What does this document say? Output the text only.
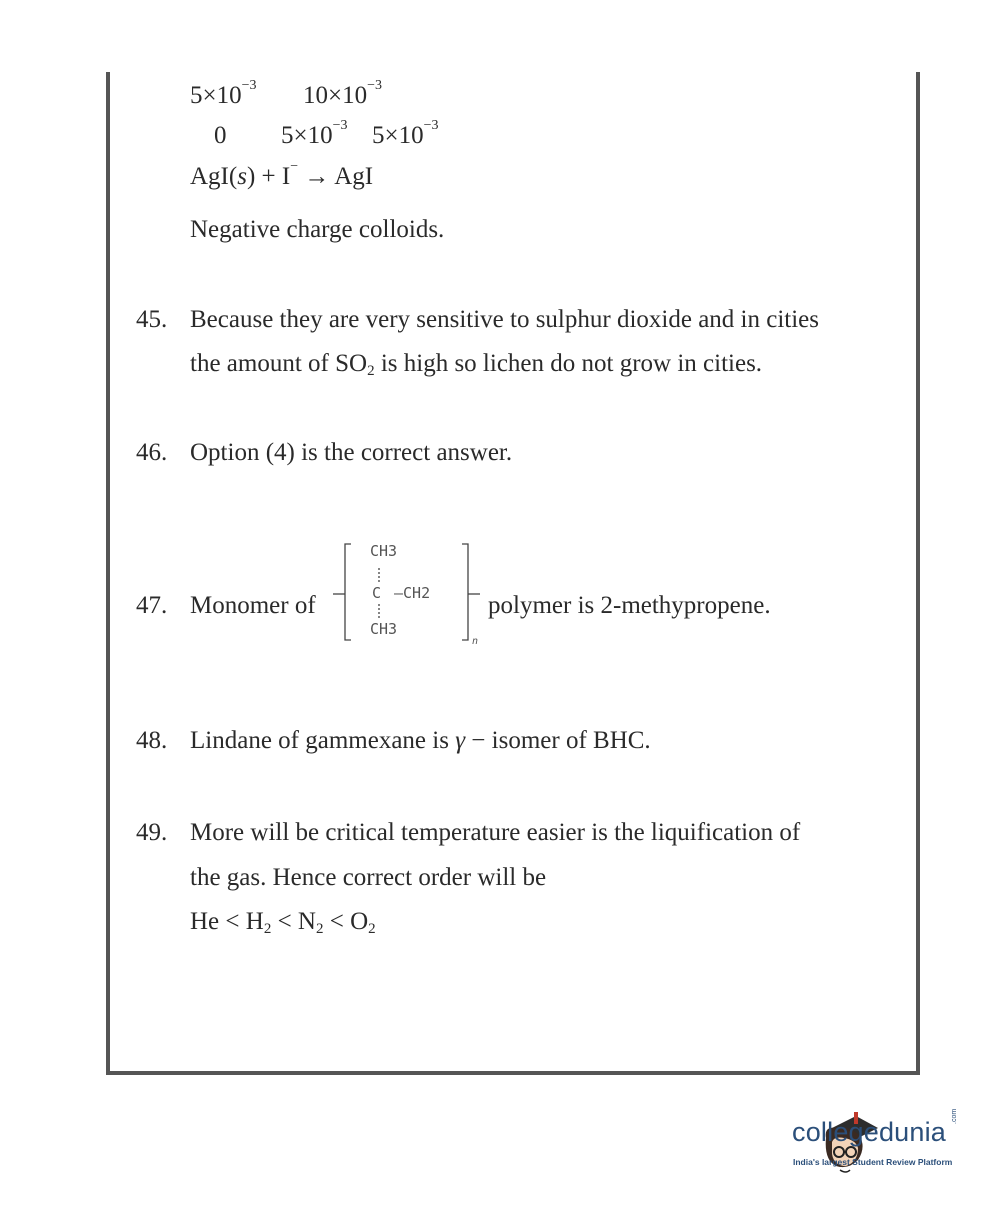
$5\times 10^{-3}$ $10\times 10^{-3}$
0 $5\times 10^{-3}$ $5\times 10^{-3}$
AgI(s) + I− → AgI
Negative charge colloids.
45. Because they are very sensitive to sulphur dioxide and in cities
the amount of $SO_2$ is high so lichen do not grow in cities.
46. Option (4) is the correct answer.
47. Monomer of
CH3
C —CH2
CH3
n
polymer is 2-methypropene.
48. Lindane of gammexane is γ − isomer of BHC.
49. More will be critical temperature easier is the liquification of
the gas. Hence correct order will be
$He < H_2 < N_2 < O_2$
collegedunia
.com
India's largest Student Review Platform
